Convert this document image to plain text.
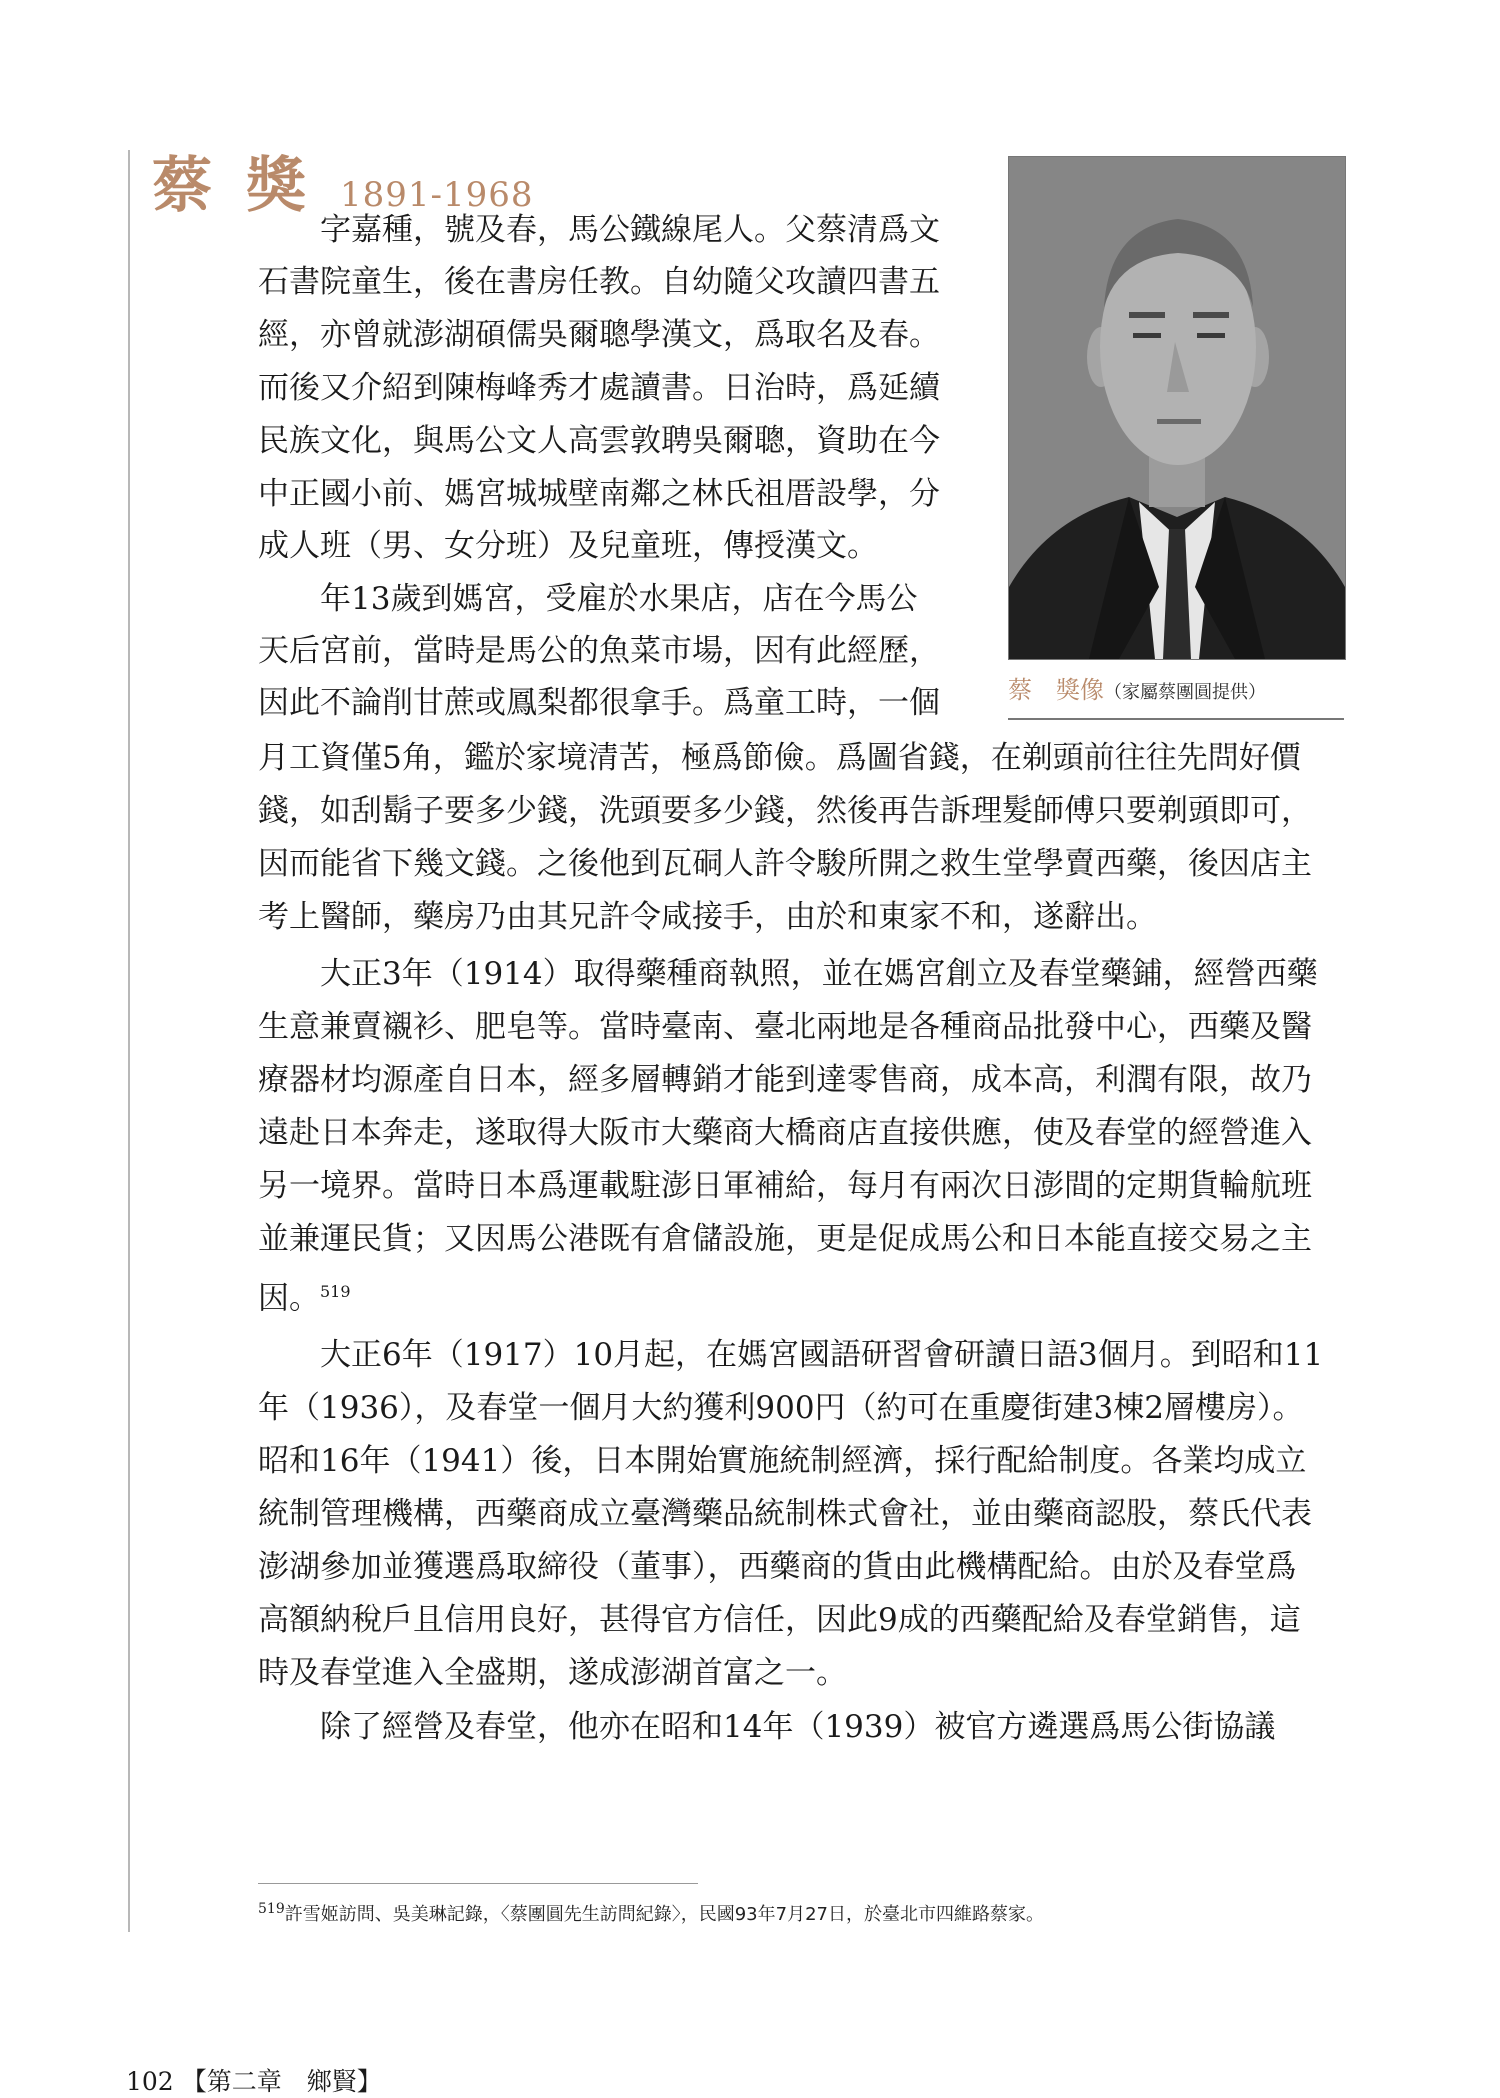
蔡獎1891-1968
蔡　獎像（家屬蔡團圓提供）
　　字嘉種，號及春，馬公鐵線尾人。父蔡清爲文
石書院童生，後在書房任教。自幼隨父攻讀四書五
經，亦曾就澎湖碩儒吳爾聰學漢文，爲取名及春。
而後又介紹到陳梅峰秀才處讀書。日治時，爲延續
民族文化，與馬公文人高雲敦聘吳爾聰，資助在今
中正國小前、媽宮城城壁南鄰之林氏祖厝設學，分
成人班（男、女分班）及兒童班，傳授漢文。
　　年13歲到媽宮，受雇於水果店，店在今馬公
天后宮前，當時是馬公的魚菜市場，因有此經歷，
因此不論削甘蔗或鳳梨都很拿手。爲童工時，一個
月工資僅5角，鑑於家境清苦，極爲節儉。爲圖省錢，在剃頭前往往先問好價
錢，如刮鬍子要多少錢，洗頭要多少錢，然後再告訴理髮師傅只要剃頭即可，
因而能省下幾文錢。之後他到瓦硐人許令駿所開之救生堂學賣西藥，後因店主
考上醫師，藥房乃由其兄許令咸接手，由於和東家不和，遂辭出。
　　大正3年（1914）取得藥種商執照，並在媽宮創立及春堂藥鋪，經營西藥
生意兼賣襯衫、肥皂等。當時臺南、臺北兩地是各種商品批發中心，西藥及醫
療器材均源產自日本，經多層轉銷才能到達零售商，成本高，利潤有限，故乃
遠赴日本奔走，遂取得大阪市大藥商大橋商店直接供應，使及春堂的經營進入
另一境界。當時日本爲運載駐澎日軍補給，每月有兩次日澎間的定期貨輪航班
並兼運民貨；又因馬公港既有倉儲設施，更是促成馬公和日本能直接交易之主
因。$^{519}$
　　大正6年（1917）10月起，在媽宮國語研習會研讀日語3個月。到昭和11
年（1936），及春堂一個月大約獲利900円（約可在重慶街建3棟2層樓房）。
昭和16年（1941）後，日本開始實施統制經濟，採行配給制度。各業均成立
統制管理機構，西藥商成立臺灣藥品統制株式會社，並由藥商認股，蔡氏代表
澎湖參加並獲選爲取締役（董事），西藥商的貨由此機構配給。由於及春堂爲
高額納稅戶且信用良好，甚得官方信任，因此9成的西藥配給及春堂銷售，這
時及春堂進入全盛期，遂成澎湖首富之一。
　　除了經營及春堂，他亦在昭和14年（1939）被官方遴選爲馬公街協議
$^{519}$許雪姬訪問、吳美琳記錄，〈蔡團圓先生訪問紀錄〉，民國93年7月27日，於臺北市四維路蔡家。
102 【第二章　鄉賢】
